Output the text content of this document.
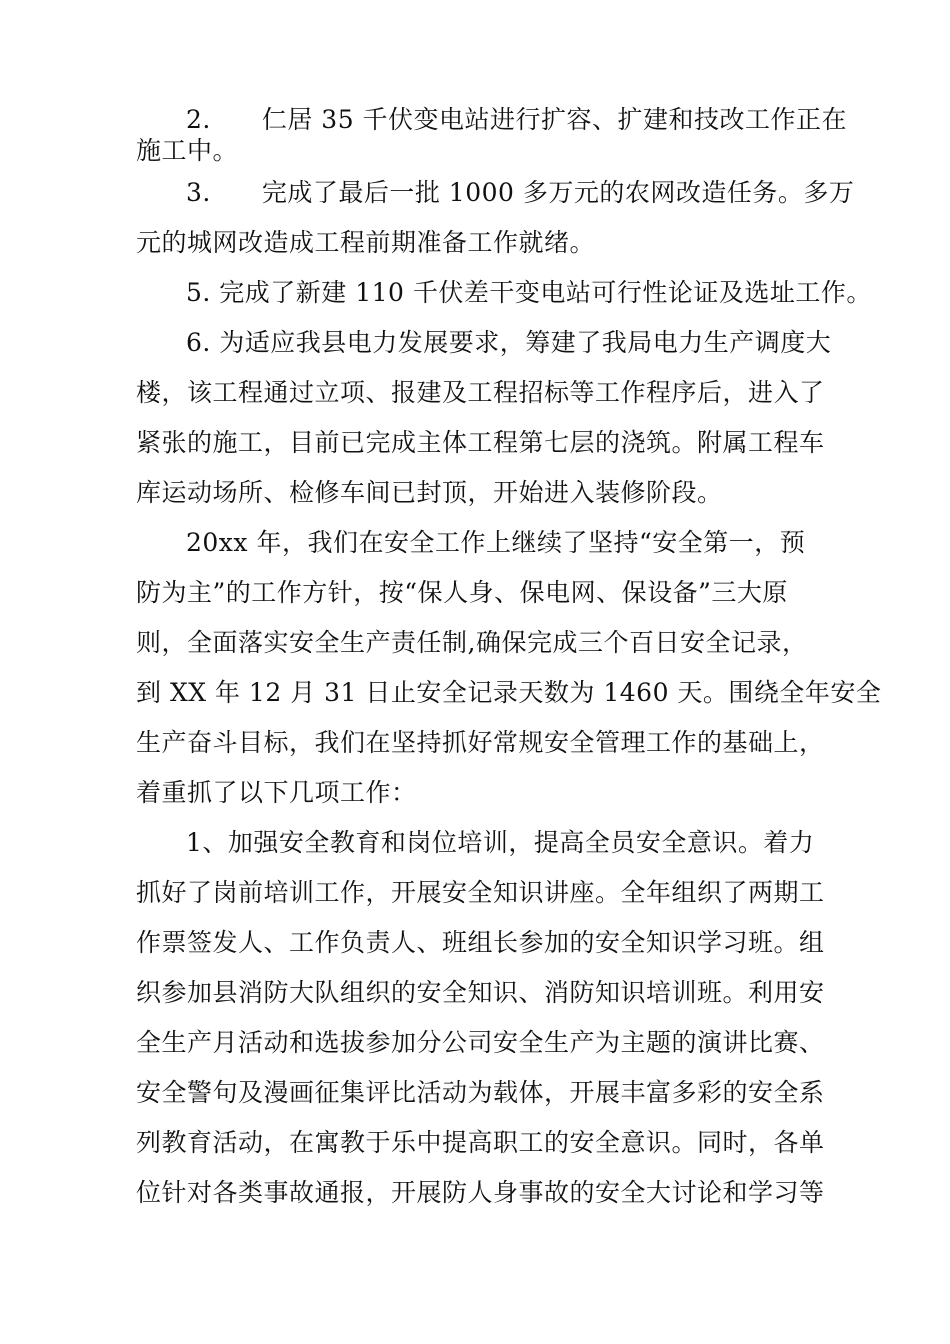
2.　　仁居 35 千伏变电站进行扩容、扩建和技改工作正在
施工中。
3.　　完成了最后一批 1000 多万元的农网改造任务。多万
元的城网改造成工程前期准备工作就绪。
5. 完成了新建 110 千伏差干变电站可行性论证及选址工作。
6. 为适应我县电力发展要求，筹建了我局电力生产调度大
楼，该工程通过立项、报建及工程招标等工作程序后，进入了
紧张的施工，目前已完成主体工程第七层的浇筑。附属工程车
库运动场所、检修车间已封顶，开始进入装修阶段。
20xx 年，我们在安全工作上继续了坚持“安全第一，预
防为主”的工作方针，按“保人身、保电网、保设备”三大原
则，全面落实安全生产责任制,确保完成三个百日安全记录，
到 XX 年 12 月 31 日止安全记录天数为 1460 天。围绕全年安全
生产奋斗目标，我们在坚持抓好常规安全管理工作的基础上，
着重抓了以下几项工作：
1、加强安全教育和岗位培训，提高全员安全意识。着力
抓好了岗前培训工作，开展安全知识讲座。全年组织了两期工
作票签发人、工作负责人、班组长参加的安全知识学习班。组
织参加县消防大队组织的安全知识、消防知识培训班。利用安
全生产月活动和选拔参加分公司安全生产为主题的演讲比赛、
安全警句及漫画征集评比活动为载体，开展丰富多彩的安全系
列教育活动，在寓教于乐中提高职工的安全意识。同时，各单
位针对各类事故通报，开展防人身事故的安全大讨论和学习等
